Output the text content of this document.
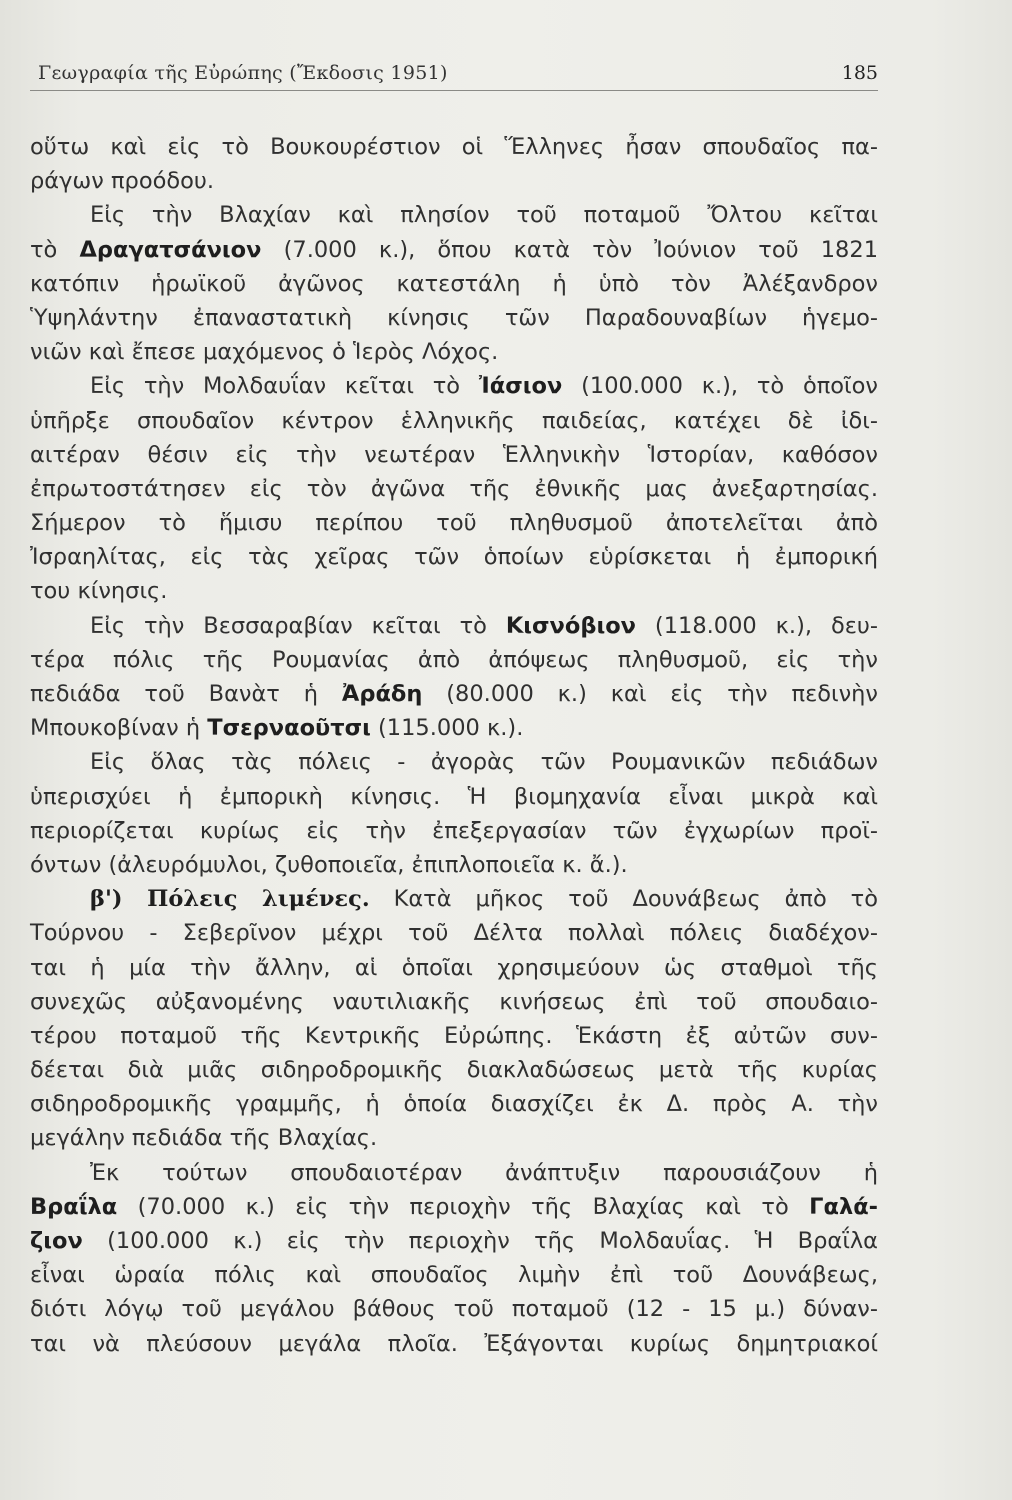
Γεωγραφία τῆς Εὐρώπης (Ἔκδοσις 1951)	185
οὕτω καὶ εἰς τὸ Βουκουρέστιον οἱ Ἕλληνες ἦσαν σπουδαῖος πα-
ράγων προόδου.
Εἰς τὴν Βλαχίαν καὶ πλησίον τοῦ ποταμοῦ Ὄλτου κεῖται
τὸ Δραγατσάνιον (7.000 κ.), ὅπου κατὰ τὸν Ἰούνιον τοῦ 1821
κατόπιν ἡρωϊκοῦ ἀγῶνος κατεστάλη ἡ ὑπὸ τὸν Ἀλέξανδρον
Ὑψηλάντην ἐπαναστατικὴ κίνησις τῶν Παραδουναβίων ἡγεμο-
νιῶν καὶ ἔπεσε μαχόμενος ὁ Ἱερὸς Λόχος.
Εἰς τὴν Μολδαυΐαν κεῖται τὸ Ἰάσιον (100.000 κ.), τὸ ὁποῖον
ὑπῆρξε σπουδαῖον κέντρον ἑλληνικῆς παιδείας, κατέχει δὲ ἰδι-
αιτέραν θέσιν εἰς τὴν νεωτέραν Ἑλληνικὴν Ἱστορίαν, καθόσον
ἐπρωτοστάτησεν εἰς τὸν ἀγῶνα τῆς ἐθνικῆς μας ἀνεξαρτησίας.
Σήμερον τὸ ἥμισυ περίπου τοῦ πληθυσμοῦ ἀποτελεῖται ἀπὸ
Ἰσραηλίτας, εἰς τὰς χεῖρας τῶν ὁποίων εὑρίσκεται ἡ ἐμπορική
του κίνησις.
Εἰς τὴν Βεσσαραβίαν κεῖται τὸ Κισνόβιον (118.000 κ.), δευ-
τέρα πόλις τῆς Ρουμανίας ἀπὸ ἀπόψεως πληθυσμοῦ, εἰς τὴν
πεδιάδα τοῦ Βανὰτ ἡ Ἀράδη (80.000 κ.) καὶ εἰς τὴν πεδινὴν
Μπουκοβίναν ἡ Τσερναοῦτσι (115.000 κ.).
Εἰς ὅλας τὰς πόλεις - ἀγορὰς τῶν Ρουμανικῶν πεδιάδων
ὑπερισχύει ἡ ἐμπορικὴ κίνησις. Ἡ βιομηχανία εἶναι μικρὰ καὶ
περιορίζεται κυρίως εἰς τὴν ἐπεξεργασίαν τῶν ἐγχωρίων προϊ-
όντων (ἀλευρόμυλοι, ζυθοποιεῖα, ἐπιπλοποιεῖα κ. ἄ.).
β') Πόλεις λιμένες. Κατὰ μῆκος τοῦ Δουνάβεως ἀπὸ τὸ
Τούρνου - Σεβερῖνον μέχρι τοῦ Δέλτα πολλαὶ πόλεις διαδέχον-
ται ἡ μία τὴν ἄλλην, αἱ ὁποῖαι χρησιμεύουν ὡς σταθμοὶ τῆς
συνεχῶς αὐξανομένης ναυτιλιακῆς κινήσεως ἐπὶ τοῦ σπουδαιο-
τέρου ποταμοῦ τῆς Κεντρικῆς Εὐρώπης. Ἑκάστη ἐξ αὐτῶν συν-
δέεται διὰ μιᾶς σιδηροδρομικῆς διακλαδώσεως μετὰ τῆς κυρίας
σιδηροδρομικῆς γραμμῆς, ἡ ὁποία διασχίζει ἐκ Δ. πρὸς Α. τὴν
μεγάλην πεδιάδα τῆς Βλαχίας.
Ἐκ τούτων σπουδαιοτέραν ἀνάπτυξιν παρουσιάζουν ἡ
Βραΐλα (70.000 κ.) εἰς τὴν περιοχὴν τῆς Βλαχίας καὶ τὸ Γαλά-
ζιον (100.000 κ.) εἰς τὴν περιοχὴν τῆς Μολδαυΐας. Ἡ Βραΐλα
εἶναι ὡραία πόλις καὶ σπουδαῖος λιμὴν ἐπὶ τοῦ Δουνάβεως,
διότι λόγῳ τοῦ μεγάλου βάθους τοῦ ποταμοῦ (12 - 15 μ.) δύναν-
ται νὰ πλεύσουν μεγάλα πλοῖα. Ἐξάγονται κυρίως δημητριακοί
